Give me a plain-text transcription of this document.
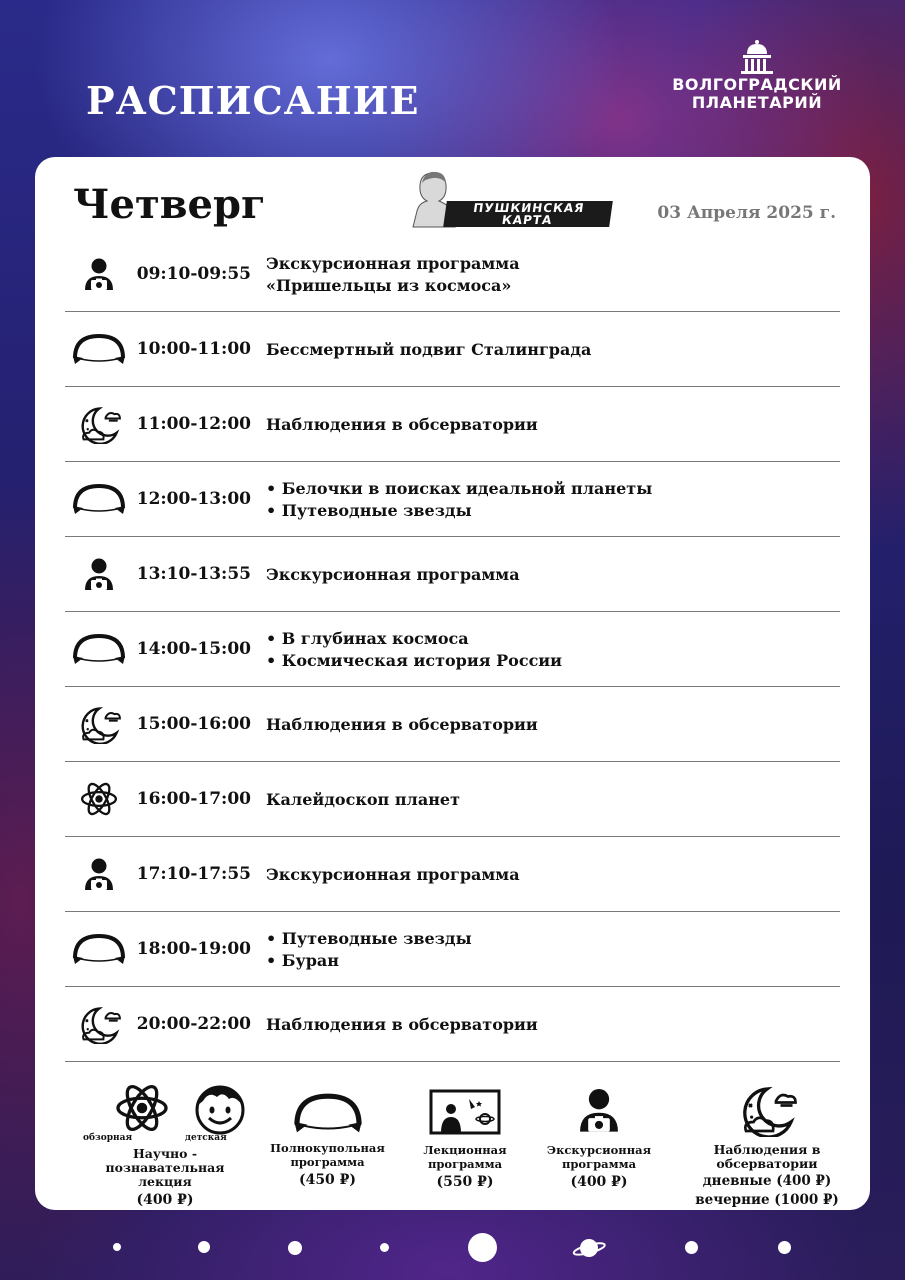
РАСПИСАНИЕ	ВОЛГОГРАДСКИЙ
ПЛАНЕТАРИЙ
Четверг	ПУШКИНСКАЯ
КАРТА	03 Апреля 2025 г.
09:10-09:55
Экскурсионная программа
«Пришельцы из космоса»
10:00-11:00 Бессмертный подвиг Сталинграда
11:00-12:00 Наблюдения в обсерватории
12:00-13:00
• Белочки в поисках идеальной планеты
• Путеводные звезды
13:10-13:55 Экскурсионная программа
14:00-15:00
• В глубинах космоса
• Космическая история России
15:00-16:00 Наблюдения в обсерватории
16:00-17:00 Калейдоскоп планет
17:10-17:55 Экскурсионная программа
18:00-19:00
• Путеводные звезды
• Буран
20:00-22:00 Наблюдения в обсерватории
обзорная	детская
Научно - познавательная
лекция
(400 ₽)
Полнокупольная
программа
(450 ₽)
Лекционная
программа
(550 ₽)
Экскурсионная
программа
(400 ₽)
Наблюдения в обсерватории
дневные (400 ₽)
вечерние (1000 ₽)
